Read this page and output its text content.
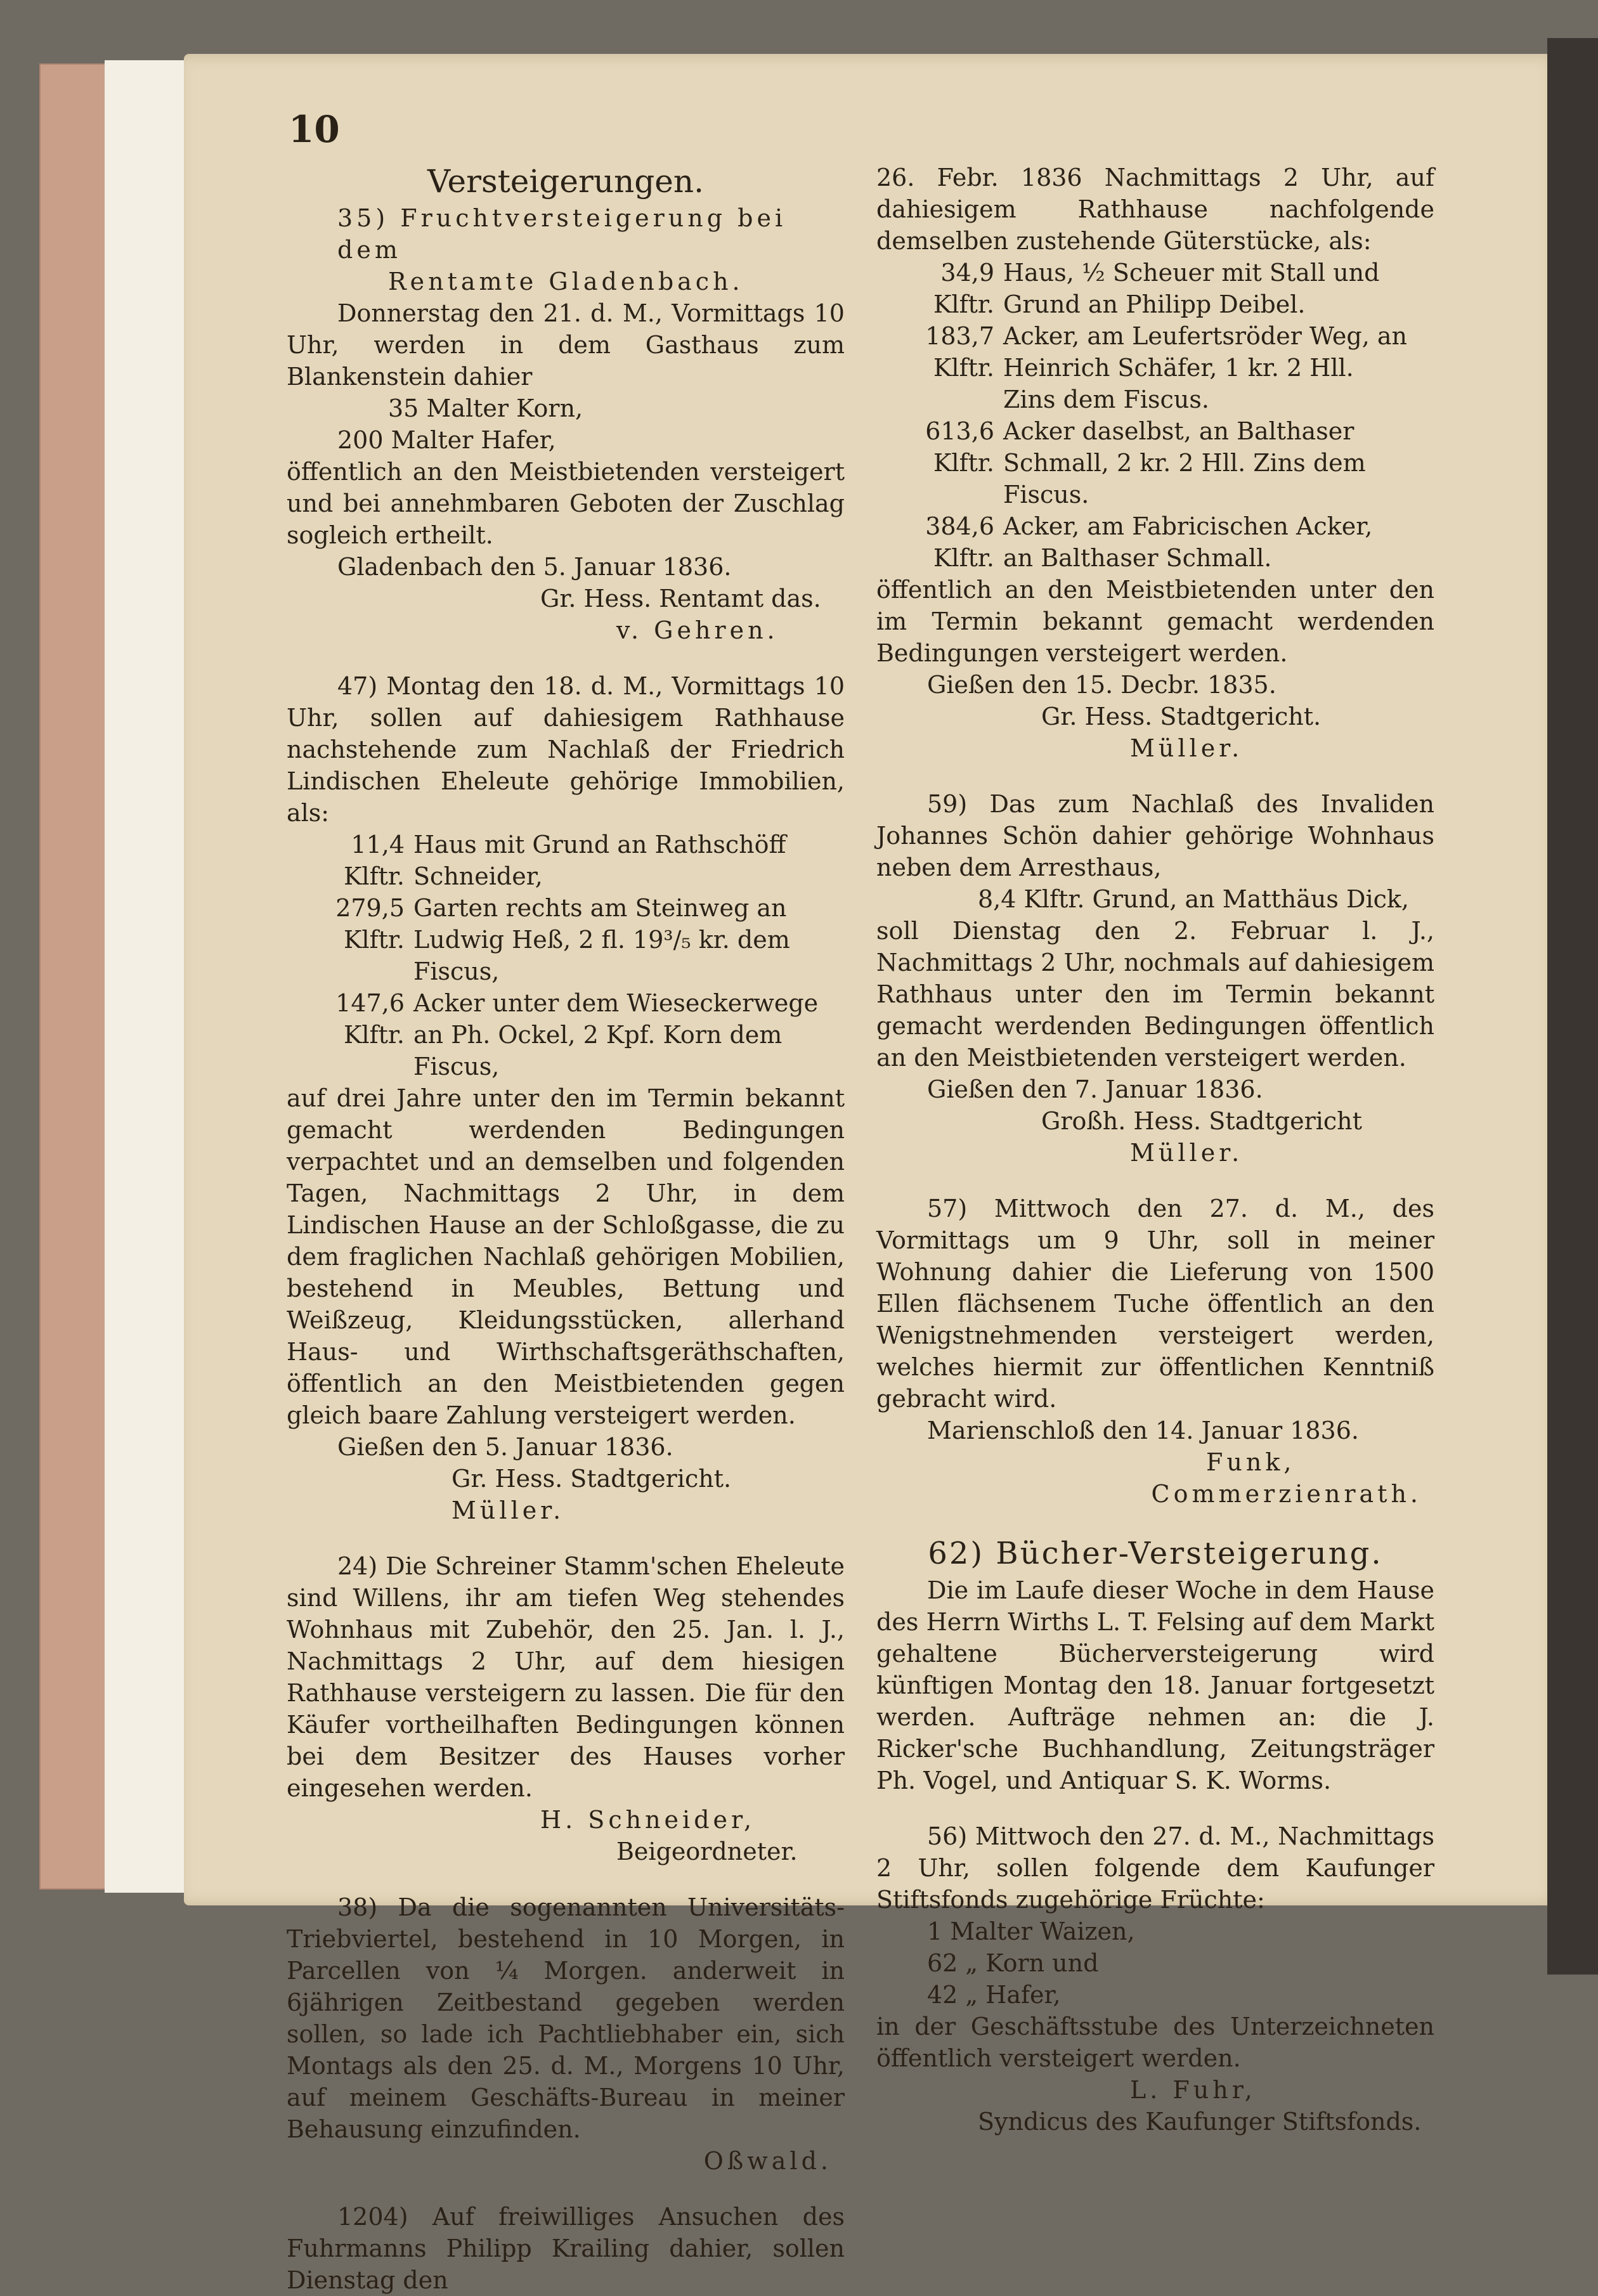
10
Versteigerungen.
35) Fruchtversteigerung bei dem
Rentamte Gladenbach.
Donnerstag den 21. d. M., Vormittags 10 Uhr, werden in dem Gasthaus zum Blankenstein dahier
35 Malter Korn,
200 Malter Hafer,
öffentlich an den Meistbietenden versteigert und bei annehmbaren Geboten der Zuschlag sogleich ertheilt.
Gladenbach den 5. Januar 1836.
Gr. Hess. Rentamt das.
v. Gehren.
47) Montag den 18. d. M., Vormittags 10 Uhr, sollen auf dahiesigem Rathhause nachstehende zum Nachlaß der Friedrich Lindischen Eheleute gehörige Immobilien, als:
11,4 Klftr.Haus mit Grund an Rathschöff Schneider,
279,5 Klftr.Garten rechts am Steinweg an Ludwig Heß, 2 fl. 19³/₅ kr. dem Fiscus,
147,6 Klftr.Acker unter dem Wieseckerwege an Ph. Ockel, 2 Kpf. Korn dem Fiscus,
auf drei Jahre unter den im Termin bekannt gemacht werdenden Bedingungen verpachtet und an demselben und folgenden Tagen, Nachmittags 2 Uhr, in dem Lindischen Hause an der Schloßgasse, die zu dem fraglichen Nachlaß gehörigen Mobilien, bestehend in Meubles, Bettung und Weißzeug, Kleidungsstücken, allerhand Haus- und Wirthschaftsgeräthschaften, öffentlich an den Meistbietenden gegen gleich baare Zahlung versteigert werden.
Gießen den 5. Januar 1836.
Gr. Hess. Stadtgericht.
Müller.
24) Die Schreiner Stamm'schen Eheleute sind Willens, ihr am tiefen Weg stehendes Wohnhaus mit Zubehör, den 25. Jan. l. J., Nachmittags 2 Uhr, auf dem hiesigen Rathhause versteigern zu lassen. Die für den Käufer vortheilhaften Bedingungen können bei dem Besitzer des Hauses vorher eingesehen werden.
H. Schneider,
Beigeordneter.
38) Da die sogenannten Universitäts-Triebviertel, bestehend in 10 Morgen, in Parcellen von ¼ Morgen. anderweit in 6jährigen Zeitbestand gegeben werden sollen, so lade ich Pachtliebhaber ein, sich Montags als den 25. d. M., Morgens 10 Uhr, auf meinem Geschäfts-Bureau in meiner Behausung einzufinden.
Oßwald.
1204) Auf freiwilliges Ansuchen des Fuhrmanns Philipp Krailing dahier, sollen Dienstag den
26. Febr. 1836 Nachmittags 2 Uhr, auf dahiesigem Rathhause nachfolgende demselben zustehende Güterstücke, als:
34,9 Klftr.Haus, ½ Scheuer mit Stall und Grund an Philipp Deibel.
183,7 Klftr.Acker, am Leufertsröder Weg, an Heinrich Schäfer, 1 kr. 2 Hll. Zins dem Fiscus.
613,6 Klftr.Acker daselbst, an Balthaser Schmall, 2 kr. 2 Hll. Zins dem Fiscus.
384,6 Klftr.Acker, am Fabricischen Acker, an Balthaser Schmall.
öffentlich an den Meistbietenden unter den im Termin bekannt gemacht werdenden Bedingungen versteigert werden.
Gießen den 15. Decbr. 1835.
Gr. Hess. Stadtgericht.
Müller.
59) Das zum Nachlaß des Invaliden Johannes Schön dahier gehörige Wohnhaus neben dem Arresthaus,
8,4 Klftr. Grund, an Matthäus Dick,
soll Dienstag den 2. Februar l. J., Nachmittags 2 Uhr, nochmals auf dahiesigem Rathhaus unter den im Termin bekannt gemacht werdenden Bedingungen öffentlich an den Meistbietenden versteigert werden.
Gießen den 7. Januar 1836.
Großh. Hess. Stadtgericht
Müller.
57) Mittwoch den 27. d. M., des Vormittags um 9 Uhr, soll in meiner Wohnung dahier die Lieferung von 1500 Ellen flächsenem Tuche öffentlich an den Wenigstnehmenden versteigert werden, welches hiermit zur öffentlichen Kenntniß gebracht wird.
Marienschloß den 14. Januar 1836.
Funk,
Commerzienrath.
62) Bücher-Versteigerung.
Die im Laufe dieser Woche in dem Hause des Herrn Wirths L. T. Felsing auf dem Markt gehaltene Bücherversteigerung wird künftigen Montag den 18. Januar fortgesetzt werden. Aufträge nehmen an: die J. Ricker'sche Buchhandlung, Zeitungsträger Ph. Vogel, und Antiquar S. K. Worms.
56) Mittwoch den 27. d. M., Nachmittags 2 Uhr, sollen folgende dem Kaufunger Stiftsfonds zugehörige Früchte:
1 Malter Waizen,
62 „ Korn und
42 „ Hafer,
in der Geschäftsstube des Unterzeichneten öffentlich versteigert werden.
L. Fuhr,
Syndicus des Kaufunger Stiftsfonds.
